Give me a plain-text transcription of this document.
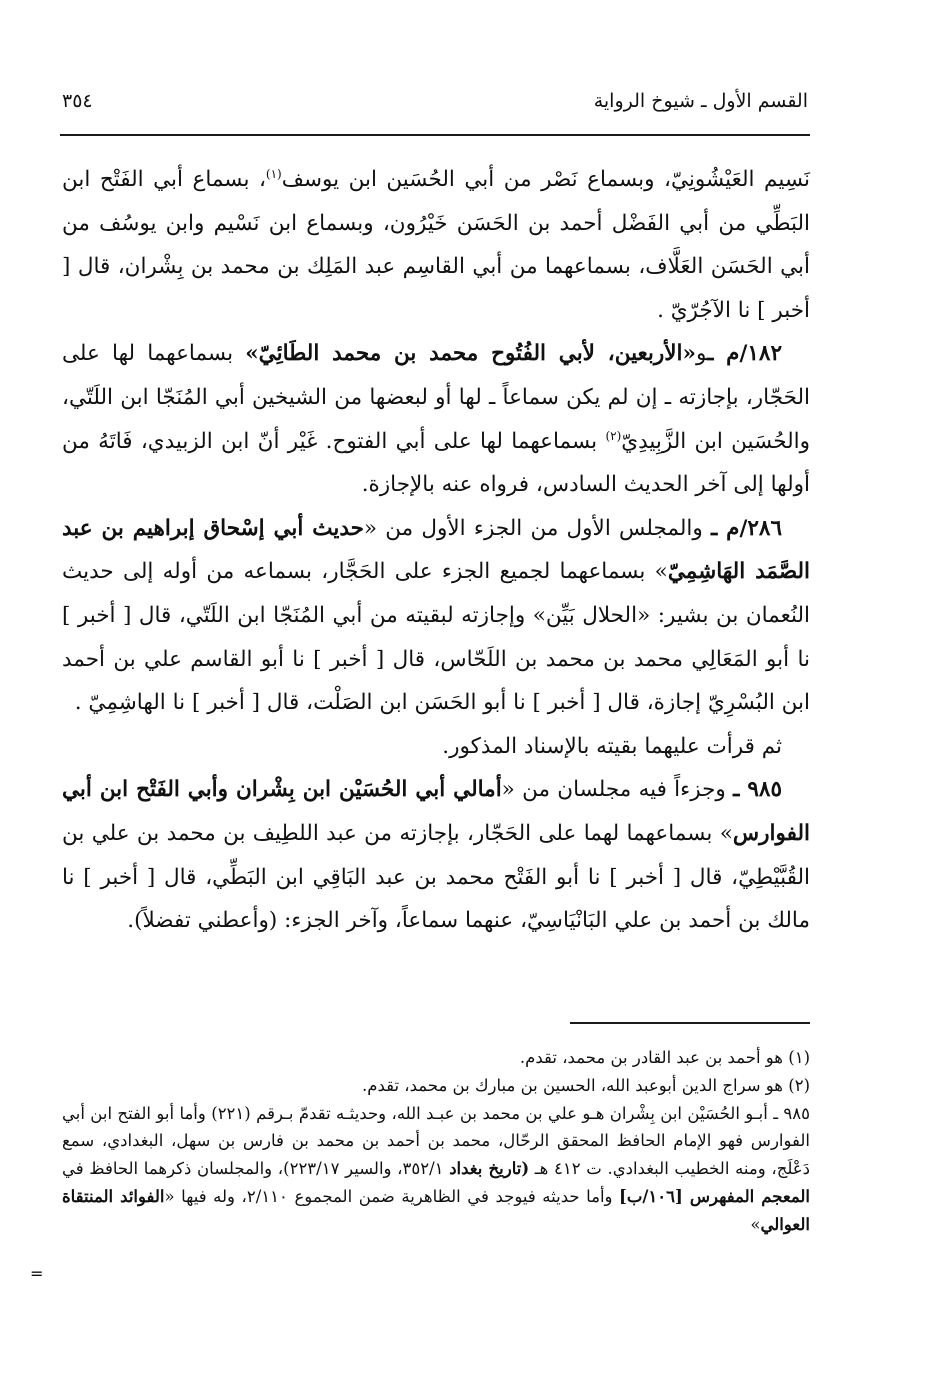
القسم الأول ـ شيوخ الرواية
٣٥٤

نَسِيم العَيْشُونِيّ، وبسماع نَصْر من أبي الحُسَين ابن يوسف$^{(١)}$، بسماع أبي الفَتْح ابن البَطِّي من أبي الفَضْل أحمد بن الحَسَن خَيْرُون، وبسماع ابن نَسْيم وابن يوسُف من أبي الحَسَن العَلَّاف، بسماعهما من أبي القاسِم عبد المَلِك بن محمد بن بِشْران، قال [ أخبر ] نا الآجُرّيّ .

١٨٢/م ـو«الأربعين، لأبي الفُتُوح محمد بن محمد الطَائِيّ» بسماعهما لها على الحَجّار، بإجازته ـ إن لم يكن سماعاً ـ لها أو لبعضها من الشيخين أبي المُنَجّا ابن اللَتّي، والحُسَين ابن الزَّبِيدِيّ$^{(٢)}$ بسماعهما لها على أبي الفتوح. غَيْر أنّ ابن الزبيدي، فَاتَهُ من أولها إلى آخر الحديث السادس، فرواه عنه بالإجازة.

٢٨٦/م ـ والمجلس الأول من الجزء الأول من «حديث أبي إسْحاق إبراهيم بن عبد الصَّمَد الهَاشِمِيّ» بسماعهما لجميع الجزء على الحَجَّار، بسماعه من أوله إلى حديث النُعمان بن بشير: «الحلال بَيِّن» وإجازته لبقيته من أبي المُنَجّا ابن اللَتّي، قال [ أخبر ] نا أبو المَعَالِي محمد بن محمد بن اللَحّاس، قال [ أخبر ] نا أبو القاسم علي بن أحمد ابن البُسْرِيّ إجازة، قال [ أخبر ] نا أبو الحَسَن ابن الصَلْت، قال [ أخبر ] نا الهاشِمِيّ .

ثم قرأت عليهما بقيته بالإسناد المذكور.

٩٨٥ ـ وجزءاً فيه مجلسان من «أمالي أبي الحُسَيْن ابن بِشْران وأبي الفَتْح ابن أبي الفوارس» بسماعهما لهما على الحَجّار، بإجازته من عبد اللطِيف بن محمد بن علي بن القُبَّيْطِيّ، قال [ أخبر ] نا أبو الفَتْح محمد بن عبد البَاقِي ابن البَطِّي، قال [ أخبر ] نا مالك بن أحمد بن علي البَانْيَاسِيّ، عنهما سماعاً، وآخر الجزء: (وأعطني تفضلاً).

(١) هو أحمد بن عبد القادر بن محمد، تقدم.

(٢) هو سراج الدين أبوعبد الله، الحسين بن مبارك بن محمد، تقدم.

٩٨٥ ـ أبـو الحُسَيْن ابن بِشْران هـو علي بن محمد بن عبـد الله، وحديثـه تقدمّ بـرقم (٢٢١) وأما أبو الفتح ابن أبي الفوارس فهو الإمام الحافظ المحقق الرحّال، محمد بن أحمد بن محمد بن فارس بن سهل، البغدادي، سمع دَعْلَج، ومنه الخطيب البغدادي. ت ٤١٢ هـ (تاريخ بغداد ٣٥٢/١، والسير ٢٢٣/١٧)، والمجلسان ذكرهما الحافظ في المعجم المفهرس [١٠٦/ب] وأما حديثه فيوجد في الظاهرية ضمن المجموع ٢/١١٠، وله فيها «الفوائد المنتقاة العوالي»

=
